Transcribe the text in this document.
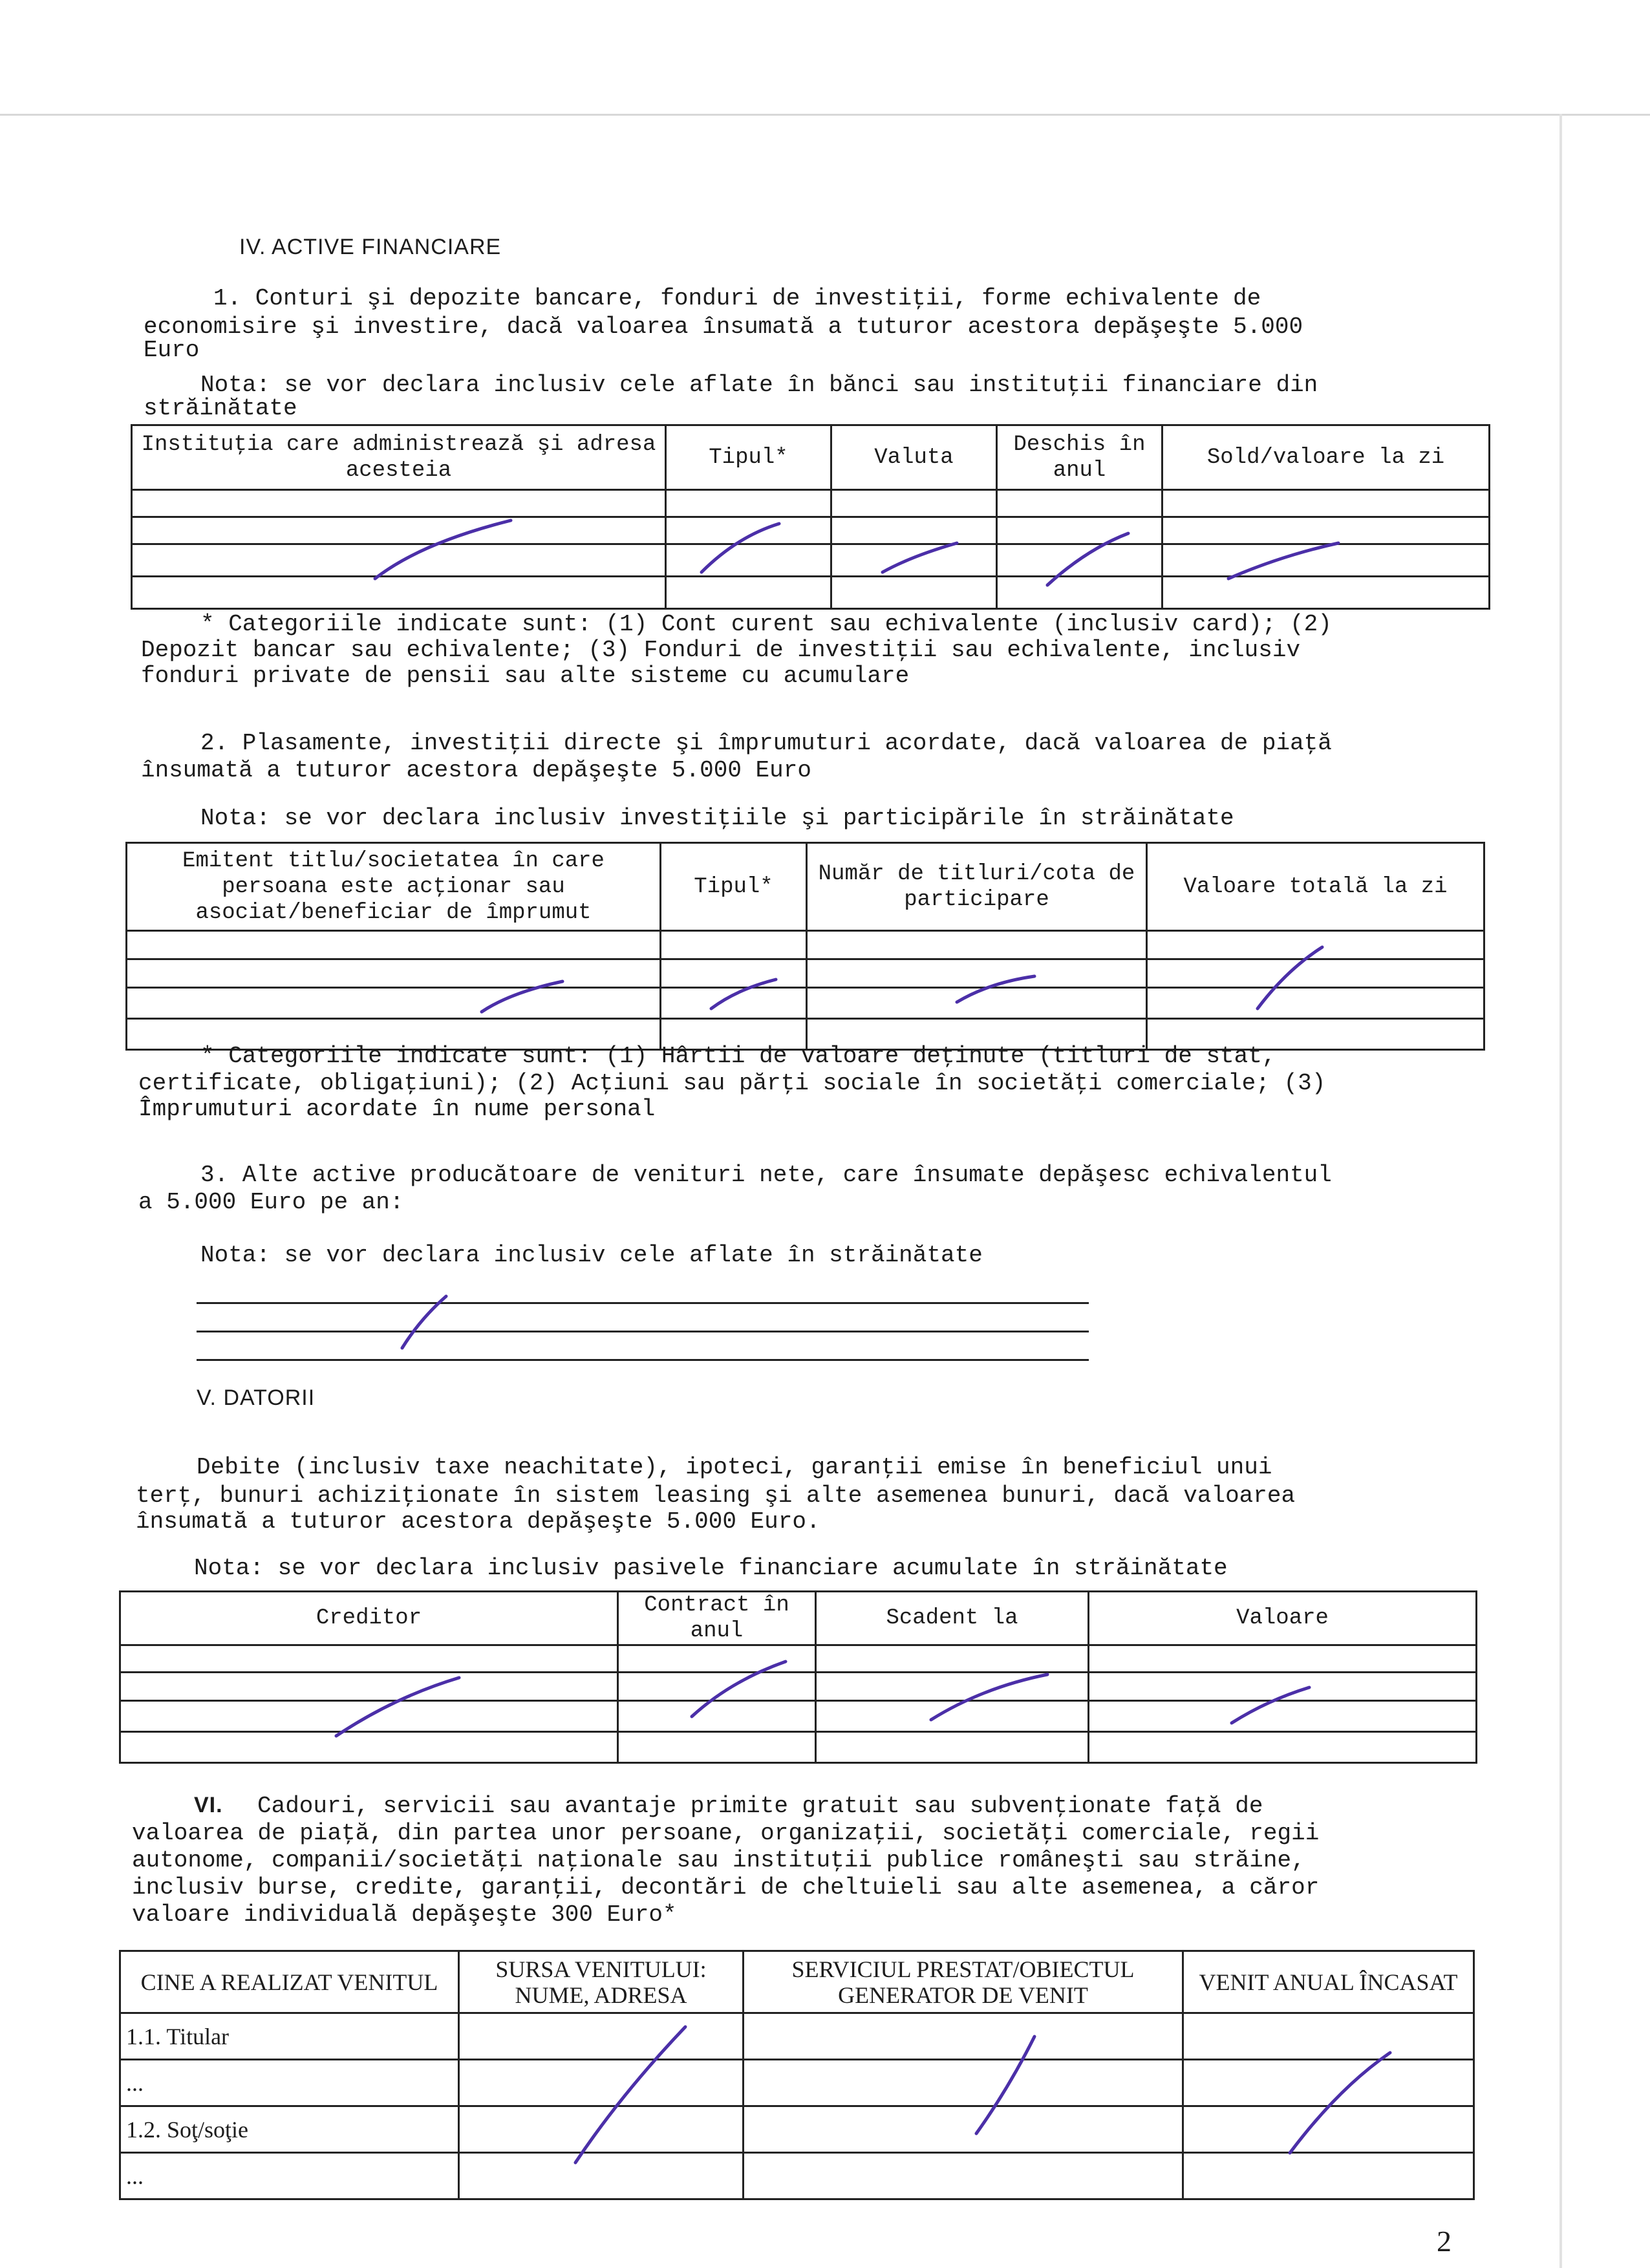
IV. ACTIVE FINANCIARE
1. Conturi şi depozite bancare, fonduri de investiţii, forme echivalente de
economisire şi investire, dacă valoarea însumată a tuturor acestora depăşeşte 5.000
Euro
Nota: se vor declara inclusiv cele aflate în bănci sau instituţii financiare din
străinătate
Instituţia care administrează şi adresa acesteia	Tipul*	Valuta	Deschis în anul	Sold/valoare la zi

* Categoriile indicate sunt: (1) Cont curent sau echivalente (inclusiv card); (2)
Depozit bancar sau echivalente; (3) Fonduri de investiţii sau echivalente, inclusiv
fonduri private de pensii sau alte sisteme cu acumulare
2. Plasamente, investiţii directe şi împrumuturi acordate, dacă valoarea de piaţă
însumată a tuturor acestora depăşeşte 5.000 Euro
Nota: se vor declara inclusiv investiţiile şi participările în străinătate
Emitent titlu/societatea în care persoana este acţionar sau asociat/beneficiar de împrumut	Tipul*	Număr de titluri/cota de participare	Valoare totală la zi

* Categoriile indicate sunt: (1) Hârtii de valoare deţinute (titluri de stat,
certificate, obligaţiuni); (2) Acţiuni sau părţi sociale în societăţi comerciale; (3)
Împrumuturi acordate în nume personal
3. Alte active producătoare de venituri nete, care însumate depăşesc echivalentul
a 5.000 Euro pe an:
Nota: se vor declara inclusiv cele aflate în străinătate
V. DATORII
Debite (inclusiv taxe neachitate), ipoteci, garanţii emise în beneficiul unui
terţ, bunuri achiziţionate în sistem leasing şi alte asemenea bunuri, dacă valoarea
însumată a tuturor acestora depăşeşte 5.000 Euro.
Nota: se vor declara inclusiv pasivele financiare acumulate în străinătate
Creditor	Contract în anul	Scadent la	Valoare

VI. Cadouri, servicii sau avantaje primite gratuit sau subvenţionate faţă de
valoarea de piaţă, din partea unor persoane, organizaţii, societăţi comerciale, regii
autonome, companii/societăţi naţionale sau instituţii publice româneşti sau străine,
inclusiv burse, credite, garanţii, decontări de cheltuieli sau alte asemenea, a căror
valoare individuală depăşeşte 300 Euro*
CINE A REALIZAT VENITUL	SURSA VENITULUI: NUME, ADRESA	SERVICIUL PRESTAT/OBIECTUL GENERATOR DE VENIT	VENIT ANUAL ÎNCASAT
1.1. Titular			
...			
1.2. Soţ/soţie			
...			
2
